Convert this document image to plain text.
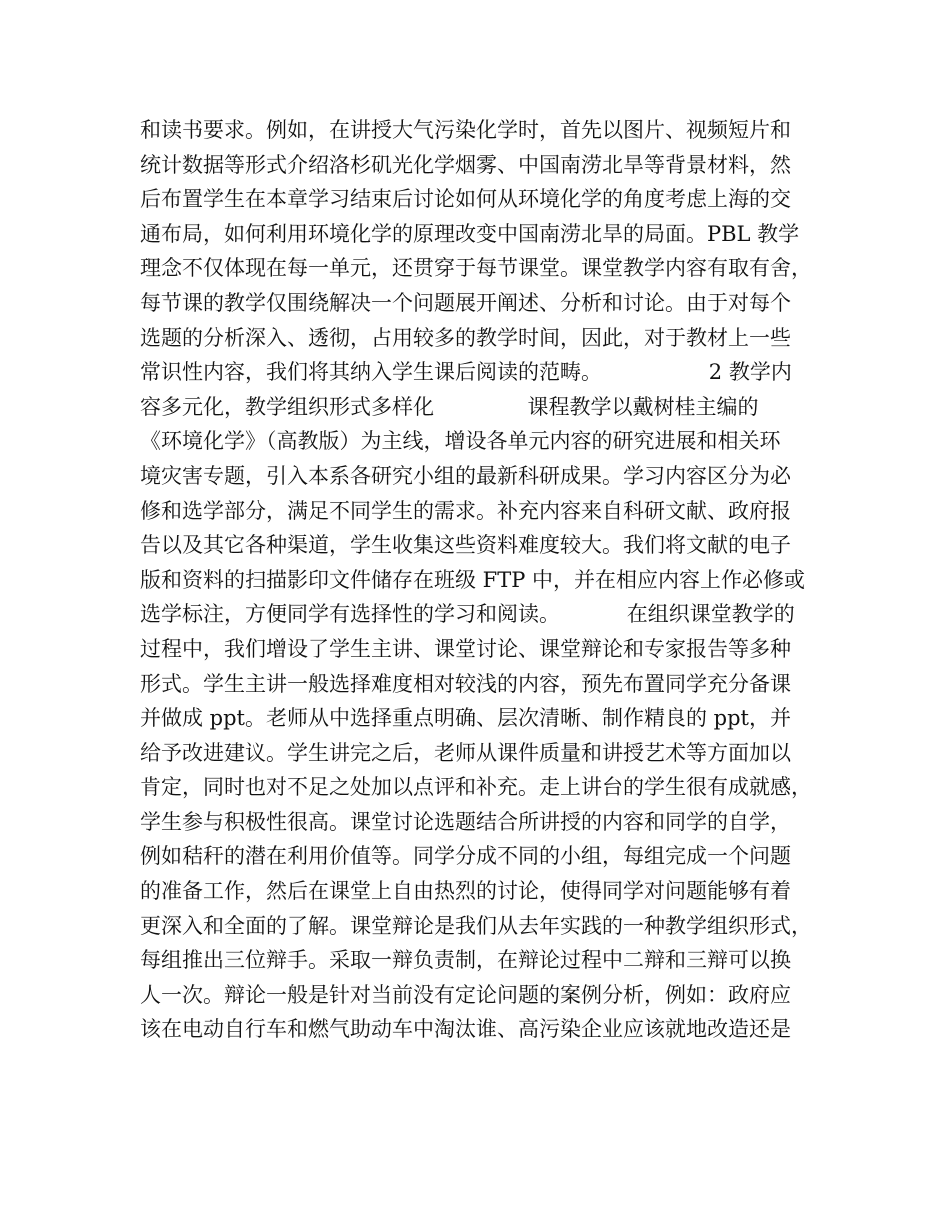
和读书要求。例如，在讲授大气污染化学时，首先以图片、视频短片和
统计数据等形式介绍洛杉矶光化学烟雾、中国南涝北旱等背景材料，然
后布置学生在本章学习结束后讨论如何从环境化学的角度考虑上海的交
通布局，如何利用环境化学的原理改变中国南涝北旱的局面。PBL 教学
理念不仅体现在每一单元，还贯穿于每节课堂。课堂教学内容有取有舍，
每节课的教学仅围绕解决一个问题展开阐述、分析和讨论。由于对每个
选题的分析深入、透彻，占用较多的教学时间，因此，对于教材上一些
常识性内容，我们将其纳入学生课后阅读的范畴。                2 教学内
容多元化，教学组织形式多样化              课程教学以戴树桂主编的
《环境化学》（高教版）为主线，增设各单元内容的研究进展和相关环
境灾害专题，引入本系各研究小组的最新科研成果。学习内容区分为必
修和选学部分，满足不同学生的需求。补充内容来自科研文献、政府报
告以及其它各种渠道，学生收集这些资料难度较大。我们将文献的电子
版和资料的扫描影印文件储存在班级 FTP 中，并在相应内容上作必修或
选学标注，方便同学有选择性的学习和阅读。          在组织课堂教学的
过程中，我们增设了学生主讲、课堂讨论、课堂辩论和专家报告等多种
形式。学生主讲一般选择难度相对较浅的内容，预先布置同学充分备课
并做成 ppt。老师从中选择重点明确、层次清晰、制作精良的 ppt，并
给予改进建议。学生讲完之后，老师从课件质量和讲授艺术等方面加以
肯定，同时也对不足之处加以点评和补充。走上讲台的学生很有成就感，
学生参与积极性很高。课堂讨论选题结合所讲授的内容和同学的自学，
例如秸秆的潜在利用价值等。同学分成不同的小组，每组完成一个问题
的准备工作，然后在课堂上自由热烈的讨论，使得同学对问题能够有着
更深入和全面的了解。课堂辩论是我们从去年实践的一种教学组织形式，
每组推出三位辩手。采取一辩负责制，在辩论过程中二辩和三辩可以换
人一次。辩论一般是针对当前没有定论问题的案例分析，例如：政府应
该在电动自行车和燃气助动车中淘汰谁、高污染企业应该就地改造还是
